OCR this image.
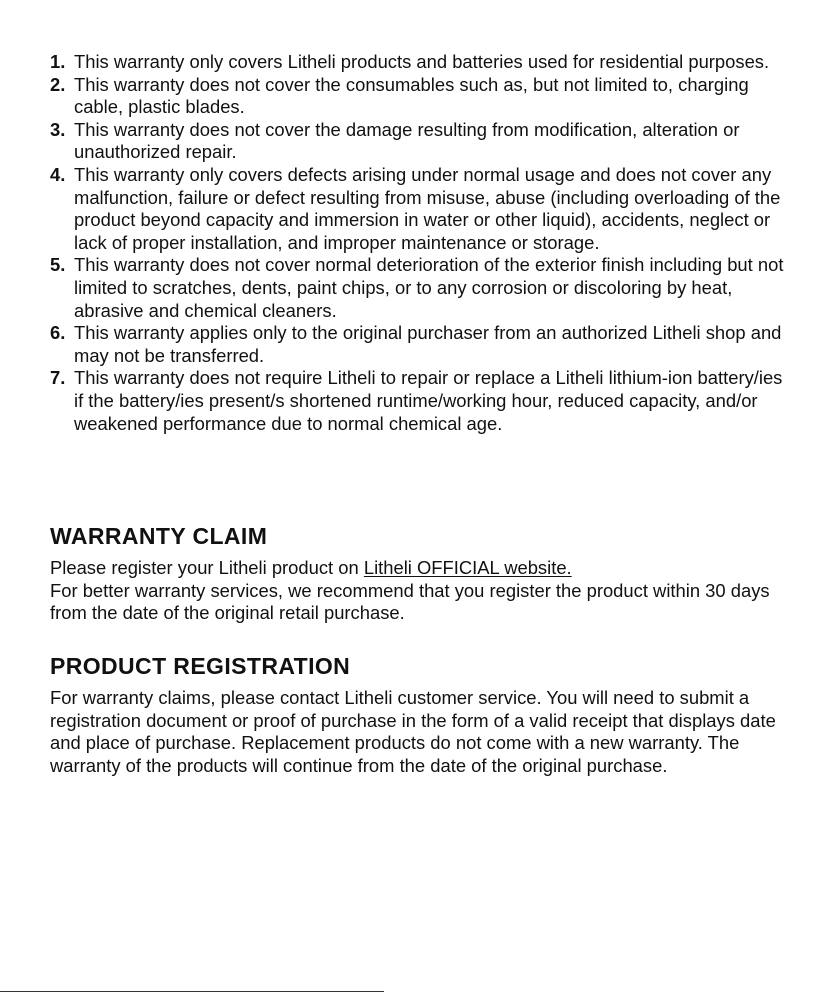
1. This warranty only covers Litheli products and batteries used for residential purposes.
2. This warranty does not cover the consumables such as, but not limited to, charging cable, plastic blades.
3. This warranty does not cover the damage resulting from modification, alteration or unauthorized repair.
4. This warranty only covers defects arising under normal usage and does not cover any malfunction, failure or defect resulting from misuse, abuse (including overloading of the product beyond capacity and immersion in water or other liquid), accidents, neglect or lack of proper installation, and improper maintenance or storage.
5. This warranty does not cover normal deterioration of the exterior finish including but not limited to scratches, dents, paint chips, or to any corrosion or discoloring by heat, abrasive and chemical cleaners.
6. This warranty applies only to the original purchaser from an authorized Litheli shop and may not be transferred.
7. This warranty does not require Litheli to repair or replace a Litheli lithium-ion battery/ies if the battery/ies present/s shortened runtime/working hour, reduced capacity, and/or weakened performance due to normal chemical age.
WARRANTY CLAIM

Please register your Litheli product on Litheli OFFICIAL website.
For better warranty services, we recommend that you register the product within 30 days from the date of the original retail purchase.

PRODUCT REGISTRATION

For warranty claims, please contact Litheli customer service. You will need to submit a registration document or proof of purchase in the form of a valid receipt that displays date and place of purchase. Replacement products do not come with a new warranty. The warranty of the products will continue from the date of the original purchase.
